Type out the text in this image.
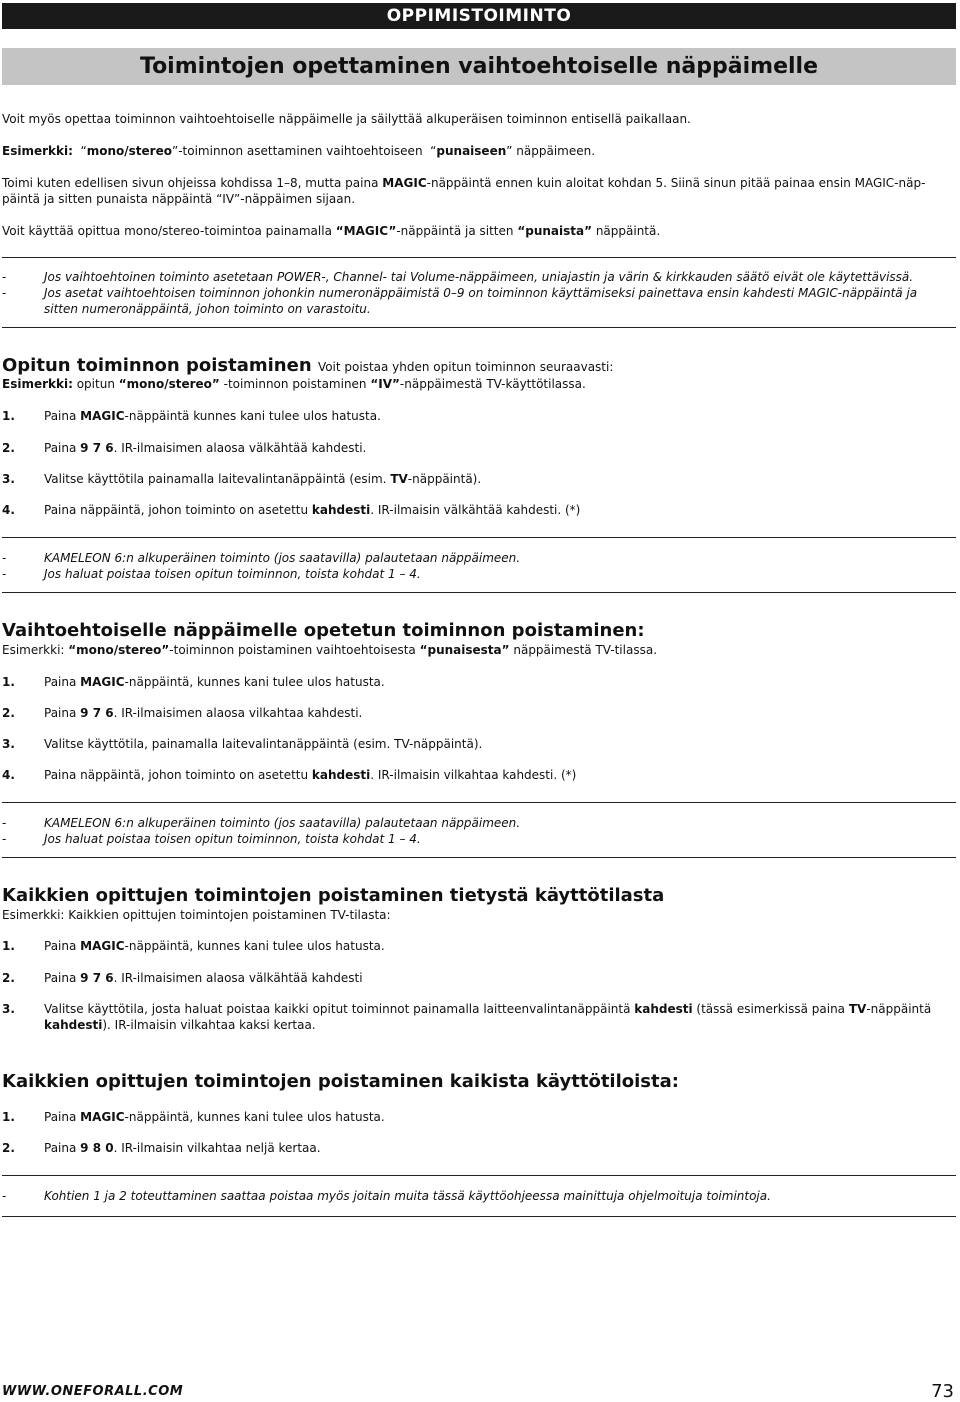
OPPIMISTOIMINTO
Toimintojen opettaminen vaihtoehtoiselle näppäimelle
Voit myös opettaa toiminnon vaihtoehtoiselle näppäimelle ja säilyttää alkuperäisen toiminnon entisellä paikallaan.
Esimerkki:  “mono/stereo”-toiminnon asettaminen vaihtoehtoiseen  “punaiseen” näppäimeen.
Toimi kuten edellisen sivun ohjeissa kohdissa 1–8, mutta paina MAGIC-näppäintä ennen kuin aloitat kohdan 5. Siinä sinun pitää painaa ensin MAGIC-näp-
päintä ja sitten punaista näppäintä “IV”-näppäimen sijaan.
Voit käyttää opittua mono/stereo-toimintoa painamalla “MAGIC”-näppäintä ja sitten “punaista” näppäintä.
-	Jos vaihtoehtoinen toiminto asetetaan POWER-, Channel- tai Volume-näppäimeen, uniajastin ja värin & kirkkauden säätö eivät ole käytettävissä.
-	Jos asetat vaihtoehtoisen toiminnon johonkin numeronäppäimistä 0–9 on toiminnon käyttämiseksi painettava ensin kahdesti MAGIC-näppäintä ja
sitten numeronäppäintä, johon toiminto on varastoitu.
Opitun toiminnon poistaminen Voit poistaa yhden opitun toiminnon seuraavasti:
Esimerkki: opitun “mono/stereo” -toiminnon poistaminen “IV”-näppäimestä TV-käyttötilassa.
1. Paina MAGIC-näppäintä kunnes kani tulee ulos hatusta.
2. Paina 9 7 6. IR-ilmaisimen alaosa välkähtää kahdesti.
3. Valitse käyttötila painamalla laitevalintanäppäintä (esim. TV-näppäintä).
4. Paina näppäintä, johon toiminto on asetettu kahdesti. IR-ilmaisin välkähtää kahdesti. (*)
-	KAMELEON 6:n alkuperäinen toiminto (jos saatavilla) palautetaan näppäimeen.
-	Jos haluat poistaa toisen opitun toiminnon, toista kohdat 1 – 4.
Vaihtoehtoiselle näppäimelle opetetun toiminnon poistaminen:
Esimerkki: “mono/stereo”-toiminnon poistaminen vaihtoehtoisesta “punaisesta” näppäimestä TV-tilassa.
1. Paina MAGIC-näppäintä, kunnes kani tulee ulos hatusta.
2. Paina 9 7 6. IR-ilmaisimen alaosa vilkahtaa kahdesti.
3. Valitse käyttötila, painamalla laitevalintanäppäintä (esim. TV-näppäintä).
4. Paina näppäintä, johon toiminto on asetettu kahdesti. IR-ilmaisin vilkahtaa kahdesti. (*)
-	KAMELEON 6:n alkuperäinen toiminto (jos saatavilla) palautetaan näppäimeen.
-	Jos haluat poistaa toisen opitun toiminnon, toista kohdat 1 – 4.
Kaikkien opittujen toimintojen poistaminen tietystä käyttötilasta
Esimerkki: Kaikkien opittujen toimintojen poistaminen TV-tilasta:
1. Paina MAGIC-näppäintä, kunnes kani tulee ulos hatusta.
2. Paina 9 7 6. IR-ilmaisimen alaosa välkähtää kahdesti
3. Valitse käyttötila, josta haluat poistaa kaikki opitut toiminnot painamalla laitteenvalintanäppäintä kahdesti (tässä esimerkissä paina TV-näppäintä
kahdesti). IR-ilmaisin vilkahtaa kaksi kertaa.
Kaikkien opittujen toimintojen poistaminen kaikista käyttötiloista:
1. Paina MAGIC-näppäintä, kunnes kani tulee ulos hatusta.
2. Paina 9 8 0. IR-ilmaisin vilkahtaa neljä kertaa.
-	Kohtien 1 ja 2 toteuttaminen saattaa poistaa myös joitain muita tässä käyttöohjeessa mainittuja ohjelmoituja toimintoja.
WWW.ONEFORALL.COM	73
